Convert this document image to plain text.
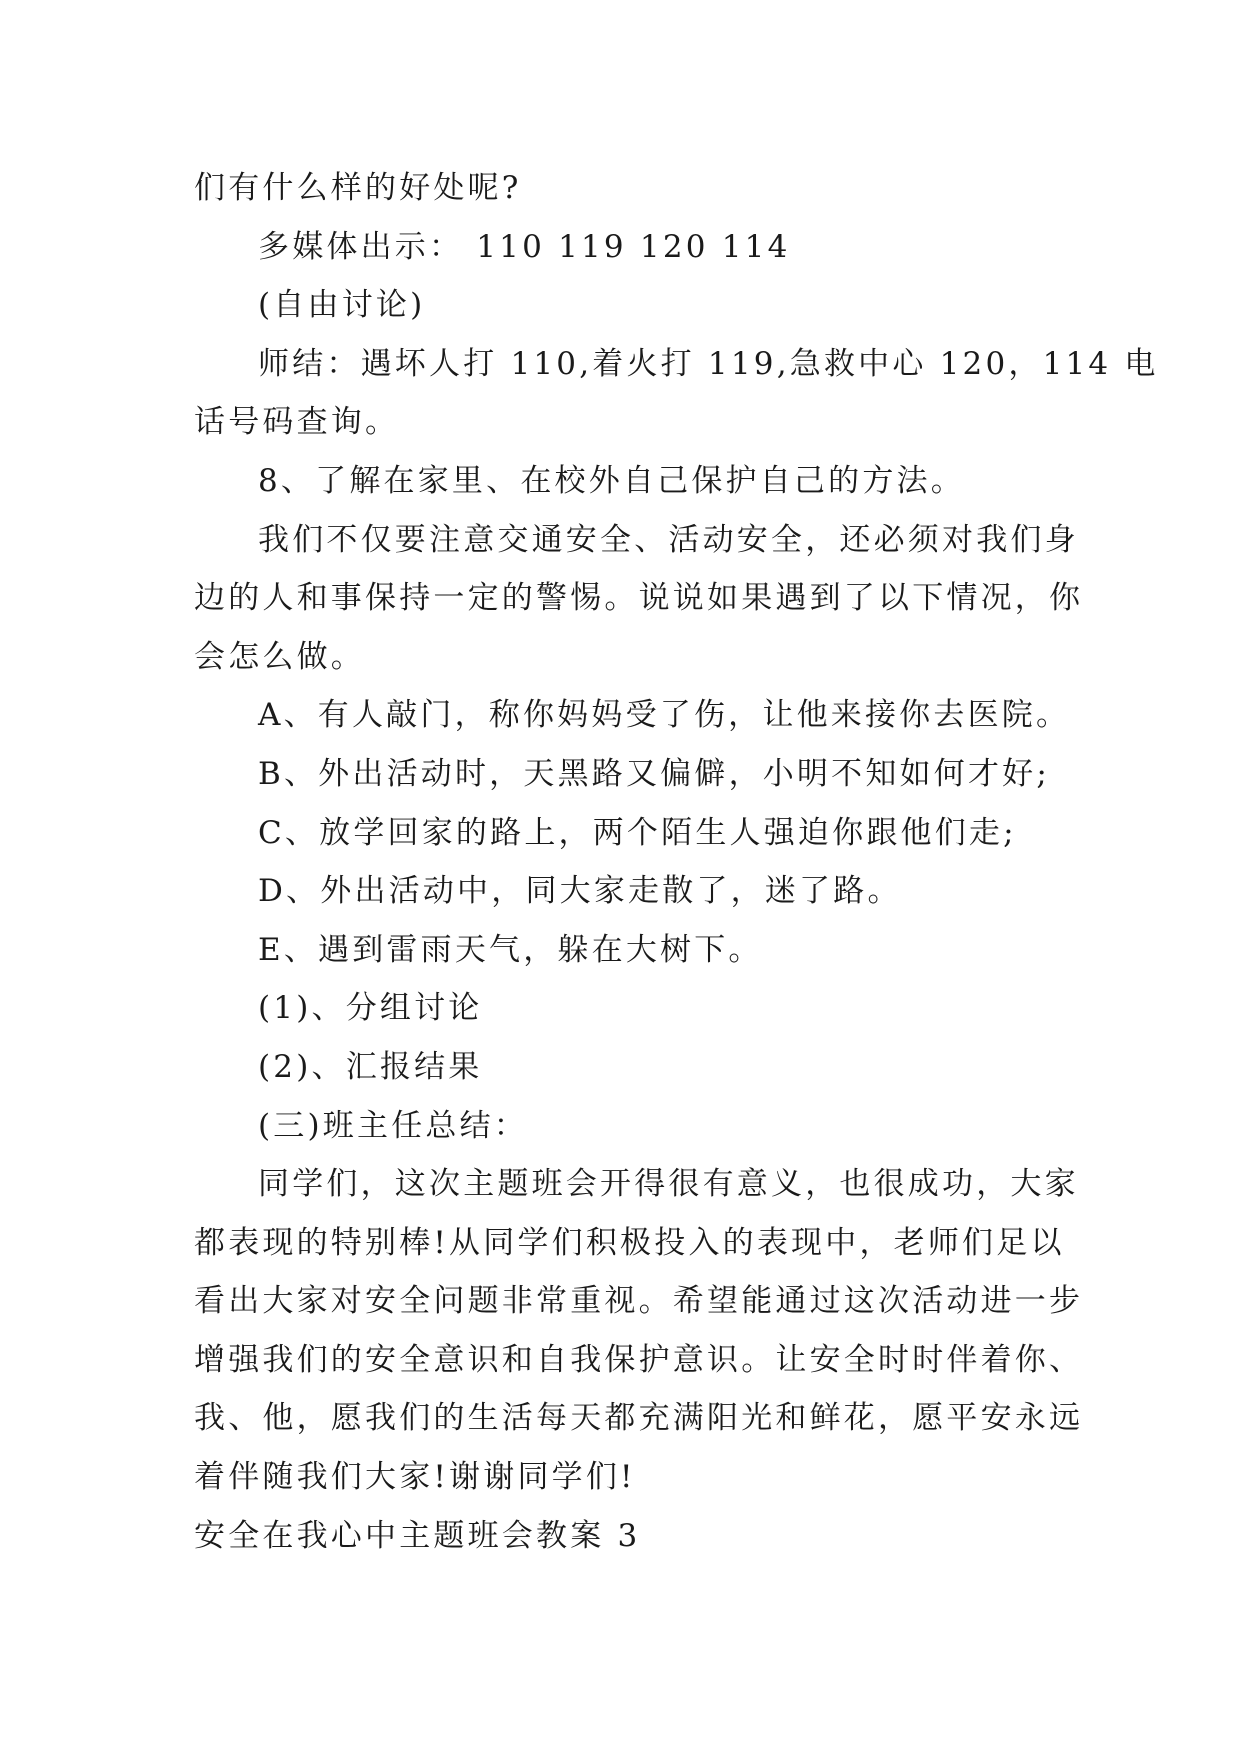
们有什么样的好处呢?
多媒体出示： 110 119 120 114
(自由讨论)
师结：遇坏人打 110,着火打 119,急救中心 120，114 电
话号码查询。
8、了解在家里、在校外自己保护自己的方法。
我们不仅要注意交通安全、活动安全，还必须对我们身
边的人和事保持一定的警惕。说说如果遇到了以下情况，你
会怎么做。
A、有人敲门，称你妈妈受了伤，让他来接你去医院。
B、外出活动时，天黑路又偏僻，小明不知如何才好;
C、放学回家的路上，两个陌生人强迫你跟他们走;
D、外出活动中，同大家走散了，迷了路。
E、遇到雷雨天气，躲在大树下。
(1)、分组讨论
(2)、汇报结果
(三)班主任总结：
同学们，这次主题班会开得很有意义，也很成功，大家
都表现的特别棒!从同学们积极投入的表现中，老师们足以
看出大家对安全问题非常重视。希望能通过这次活动进一步
增强我们的安全意识和自我保护意识。让安全时时伴着你、
我、他，愿我们的生活每天都充满阳光和鲜花，愿平安永远
着伴随我们大家!谢谢同学们!
安全在我心中主题班会教案 3
